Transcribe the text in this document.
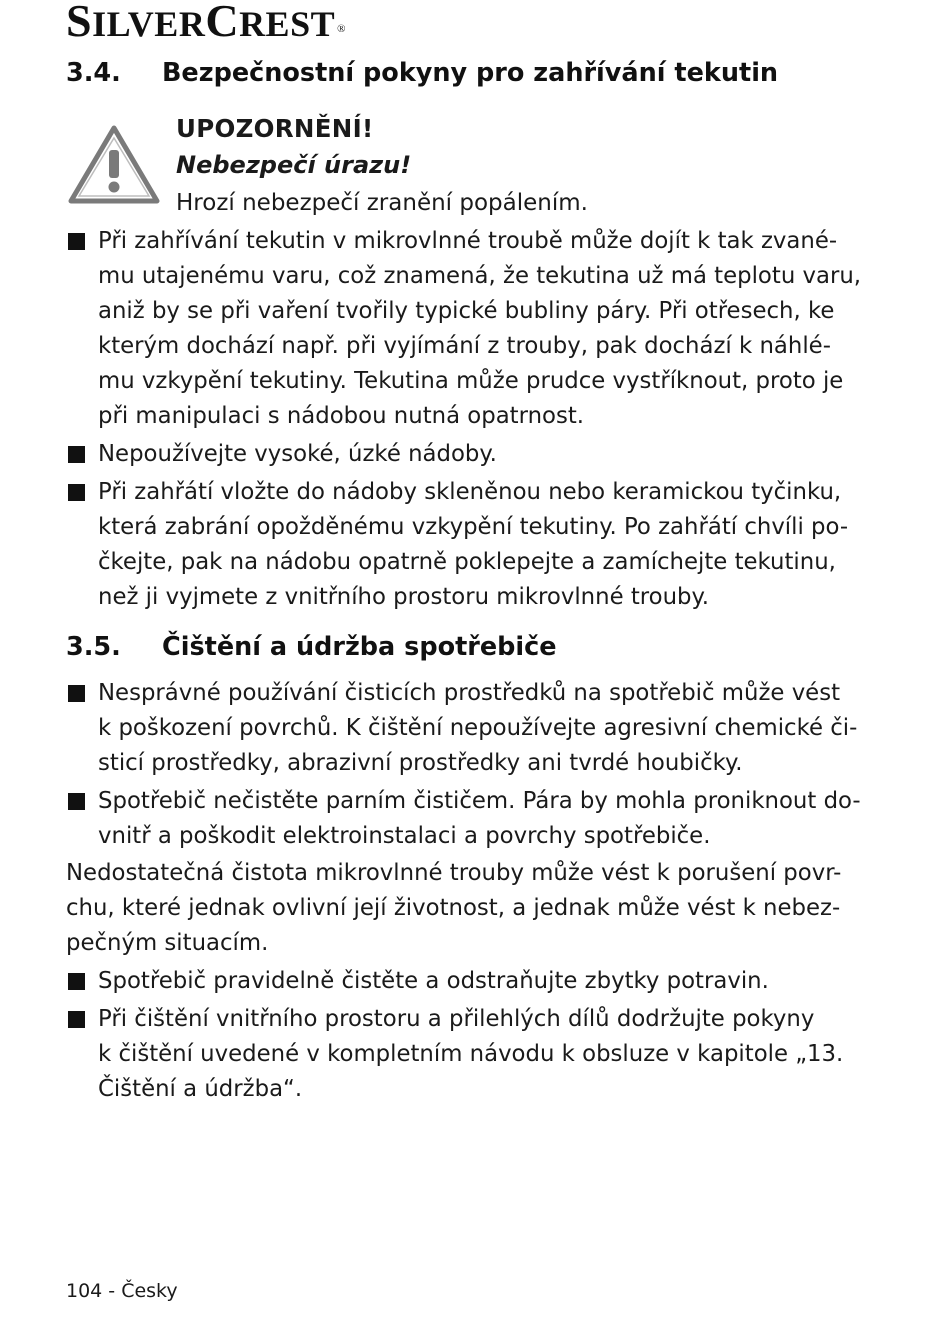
SILVERCREST ®
3.4. Bezpečnostní pokyny pro zahřívání tekutin
UPOZORNĚNÍ!
Nebezpečí úrazu!
Hrozí nebezpečí zranění popálením.
Při zahřívání tekutin v mikrovlnné troubě může dojít k tak zvané-
mu utajenému varu, což znamená, že tekutina už má teplotu varu,
aniž by se při vaření tvořily typické bubliny páry. Při otřesech, ke
kterým dochází např. při vyjímání z trouby, pak dochází k náhlé-
mu vzkypění tekutiny. Tekutina může prudce vystříknout, proto je
při manipulaci s nádobou nutná opatrnost.
Nepoužívejte vysoké, úzké nádoby.
Při zahřátí vložte do nádoby skleněnou nebo keramickou tyčinku,
která zabrání opožděnému vzkypění tekutiny. Po zahřátí chvíli po-
čkejte, pak na nádobu opatrně poklepejte a zamíchejte tekutinu,
než ji vyjmete z vnitřního prostoru mikrovlnné trouby.
3.5. Čištění a údržba spotřebiče
Nesprávné používání čisticích prostředků na spotřebič může vést
k poškození povrchů. K čištění nepoužívejte agresivní chemické či-
sticí prostředky, abrazivní prostředky ani tvrdé houbičky.
Spotřebič nečistěte parním čističem. Pára by mohla proniknout do-
vnitř a poškodit elektroinstalaci a povrchy spotřebiče.
Nedostatečná čistota mikrovlnné trouby může vést k porušení povr-
chu, které jednak ovlivní její životnost, a jednak může vést k nebez-
pečným situacím.
Spotřebič pravidelně čistěte a odstraňujte zbytky potravin.
Při čištění vnitřního prostoru a přilehlých dílů dodržujte pokyny
k čištění uvedené v kompletním návodu k obsluze v kapitole „13.
Čištění a údržba“.
104 - Česky
